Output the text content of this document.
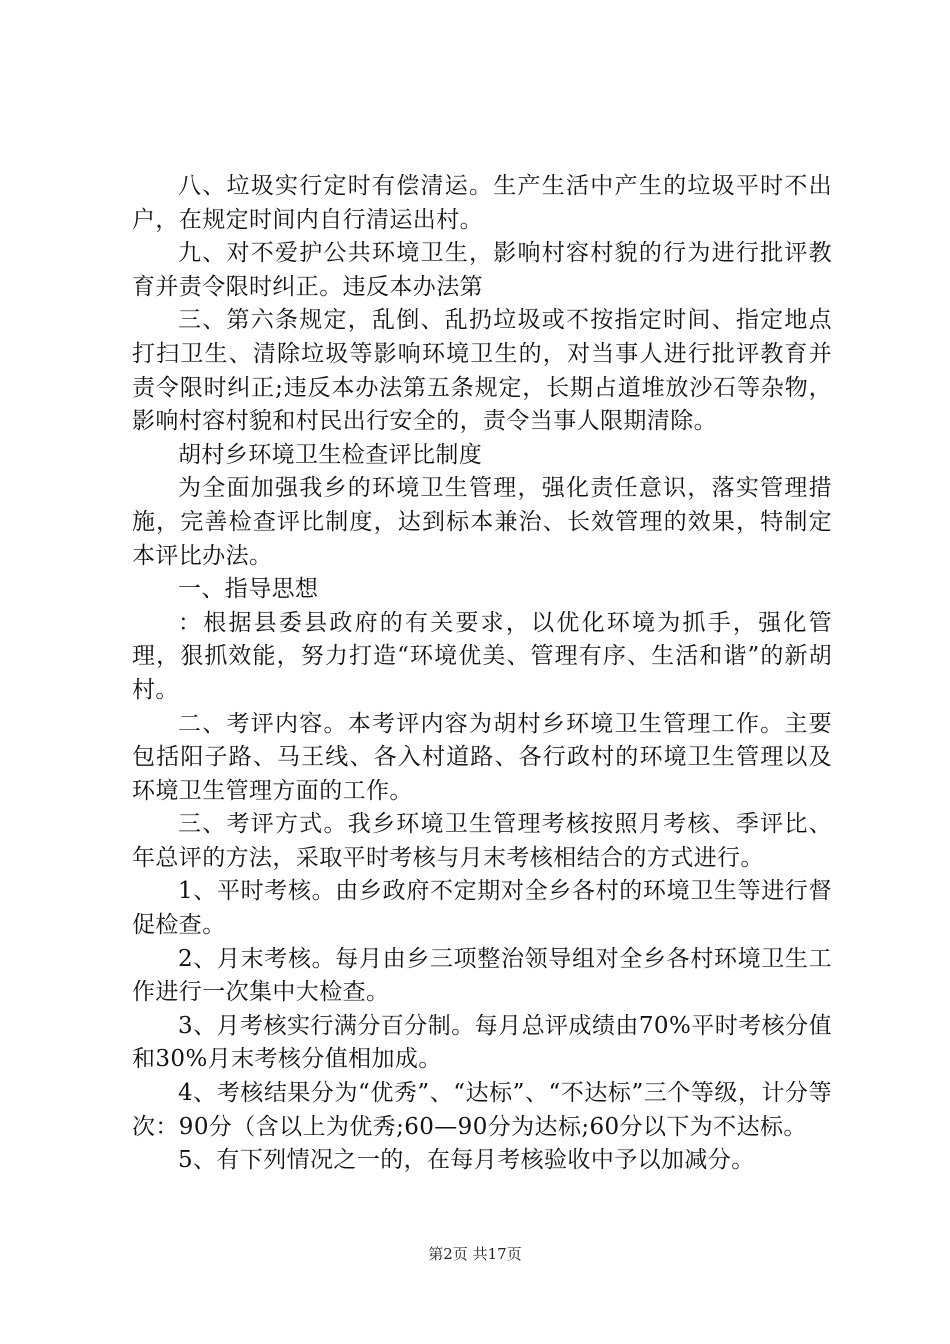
八、垃圾实行定时有偿清运。生产生活中产生的垃圾平时不出户，在规定时间内自行清运出村。

九、对不爱护公共环境卫生，影响村容村貌的行为进行批评教育并责令限时纠正。违反本办法第

三、第六条规定，乱倒、乱扔垃圾或不按指定时间、指定地点打扫卫生、清除垃圾等影响环境卫生的，对当事人进行批评教育并责令限时纠正;违反本办法第五条规定，长期占道堆放沙石等杂物，影响村容村貌和村民出行安全的，责令当事人限期清除。

胡村乡环境卫生检查评比制度

为全面加强我乡的环境卫生管理，强化责任意识，落实管理措施，完善检查评比制度，达到标本兼治、长效管理的效果，特制定本评比办法。

一、指导思想

：根据县委县政府的有关要求，以优化环境为抓手，强化管理，狠抓效能，努力打造“环境优美、管理有序、生活和谐”的新胡村。

二、考评内容。本考评内容为胡村乡环境卫生管理工作。主要包括阳子路、马王线、各入村道路、各行政村的环境卫生管理以及环境卫生管理方面的工作。

三、考评方式。我乡环境卫生管理考核按照月考核、季评比、年总评的方法，采取平时考核与月末考核相结合的方式进行。

1、平时考核。由乡政府不定期对全乡各村的环境卫生等进行督促检查。

2、月末考核。每月由乡三项整治领导组对全乡各村环境卫生工作进行一次集中大检查。

3、月考核实行满分百分制。每月总评成绩由70%平时考核分值和30%月末考核分值相加成。

4、考核结果分为“优秀”、“达标”、“不达标”三个等级，计分等次：90分（含以上为优秀;60—90分为达标;60分以下为不达标。

5、有下列情况之一的，在每月考核验收中予以加减分。

第2页 共17页
